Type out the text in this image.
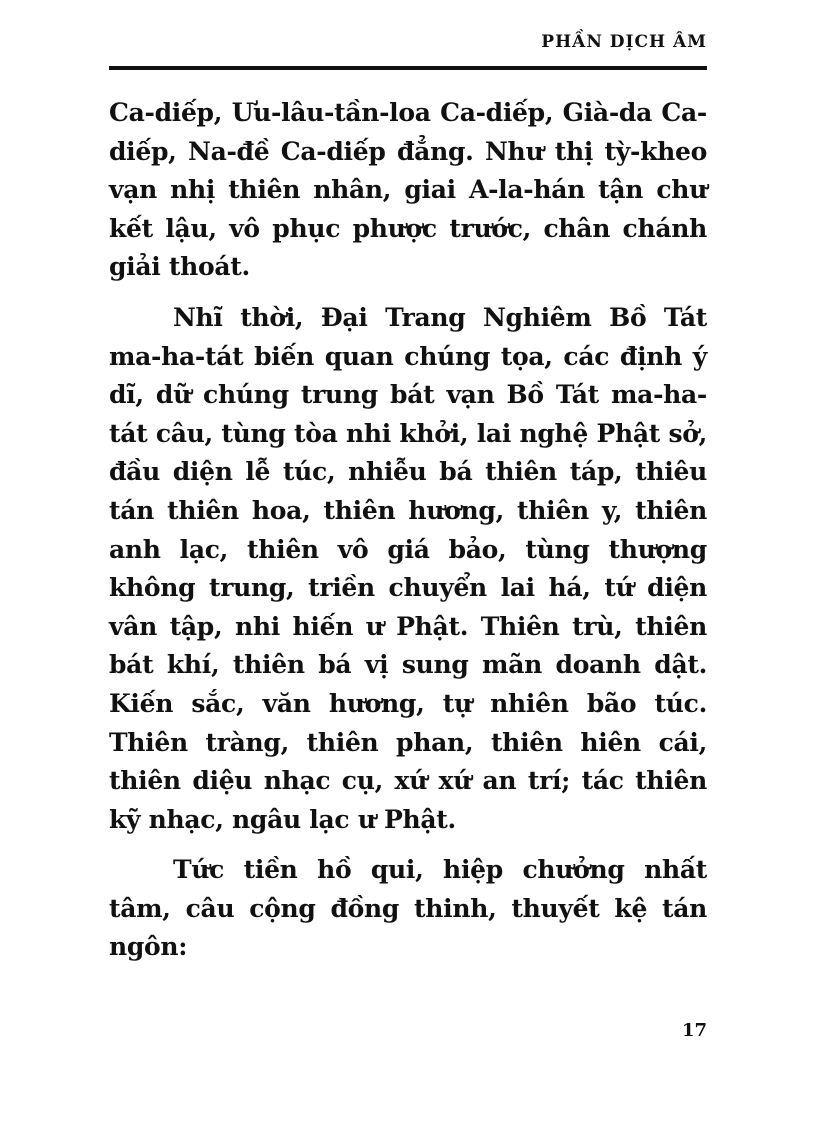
PHẦN DỊCH ÂM

Ca-diếp, Ưu-lâu-tần-loa Ca-diếp, Già-da Ca-diếp, Na-đề Ca-diếp đẳng. Như thị tỳ-kheo vạn nhị thiên nhân, giai A-la-hán tận chư kết lậu, vô phục phược trước, chân chánh giải thoát.

Nhĩ thời, Đại Trang Nghiêm Bồ Tát ma-ha-tát biến quan chúng tọa, các định ý dĩ, dữ chúng trung bát vạn Bồ Tát ma-ha-tát câu, tùng tòa nhi khởi, lai nghệ Phật sở, đầu diện lễ túc, nhiễu bá thiên táp, thiêu tán thiên hoa, thiên hương, thiên y, thiên anh lạc, thiên vô giá bảo, tùng thượng không trung, triền chuyển lai há, tứ diện vân tập, nhi hiến ư Phật. Thiên trù, thiên bát khí, thiên bá vị sung mãn doanh dật. Kiến sắc, văn hương, tự nhiên bão túc. Thiên tràng, thiên phan, thiên hiên cái, thiên diệu nhạc cụ, xứ xứ an trí; tác thiên kỹ nhạc, ngâu lạc ư Phật.

Tức tiền hồ qui, hiệp chưởng nhất tâm, câu cộng đồng thinh, thuyết kệ tán ngôn:

17
